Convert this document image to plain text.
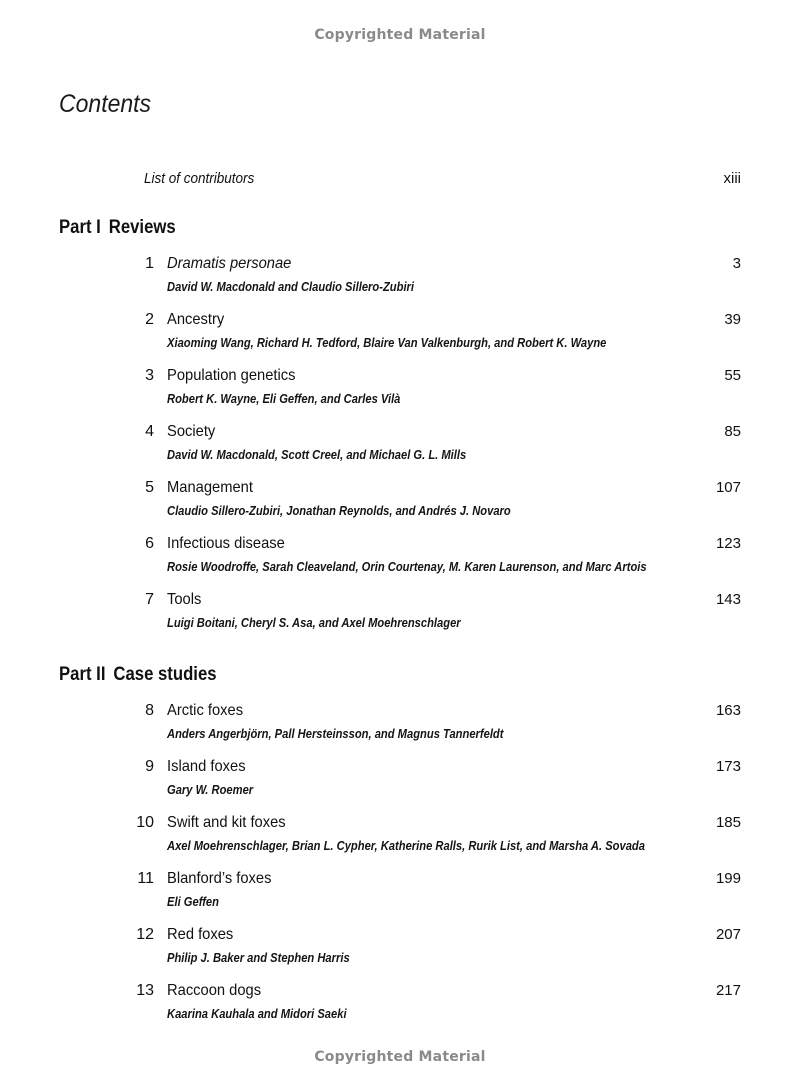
Copyrighted Material
Contents
List of contributors	xiii
Part I Reviews
1 Dramatis personae	3
David W. Macdonald and Claudio Sillero-Zubiri
2 Ancestry	39
Xiaoming Wang, Richard H. Tedford, Blaire Van Valkenburgh, and Robert K. Wayne
3 Population genetics	55
Robert K. Wayne, Eli Geffen, and Carles Vilà
4 Society	85
David W. Macdonald, Scott Creel, and Michael G. L. Mills
5 Management	107
Claudio Sillero-Zubiri, Jonathan Reynolds, and Andrés J. Novaro
6 Infectious disease	123
Rosie Woodroffe, Sarah Cleaveland, Orin Courtenay, M. Karen Laurenson, and Marc Artois
7 Tools	143
Luigi Boitani, Cheryl S. Asa, and Axel Moehrenschlager
Part II Case studies
8 Arctic foxes	163
Anders Angerbjörn, Pall Hersteinsson, and Magnus Tannerfeldt
9 Island foxes	173
Gary W. Roemer
10 Swift and kit foxes	185
Axel Moehrenschlager, Brian L. Cypher, Katherine Ralls, Rurik List, and Marsha A. Sovada
11 Blanford’s foxes	199
Eli Geffen
12 Red foxes	207
Philip J. Baker and Stephen Harris
13 Raccoon dogs	217
Kaarina Kauhala and Midori Saeki
Copyrighted Material
